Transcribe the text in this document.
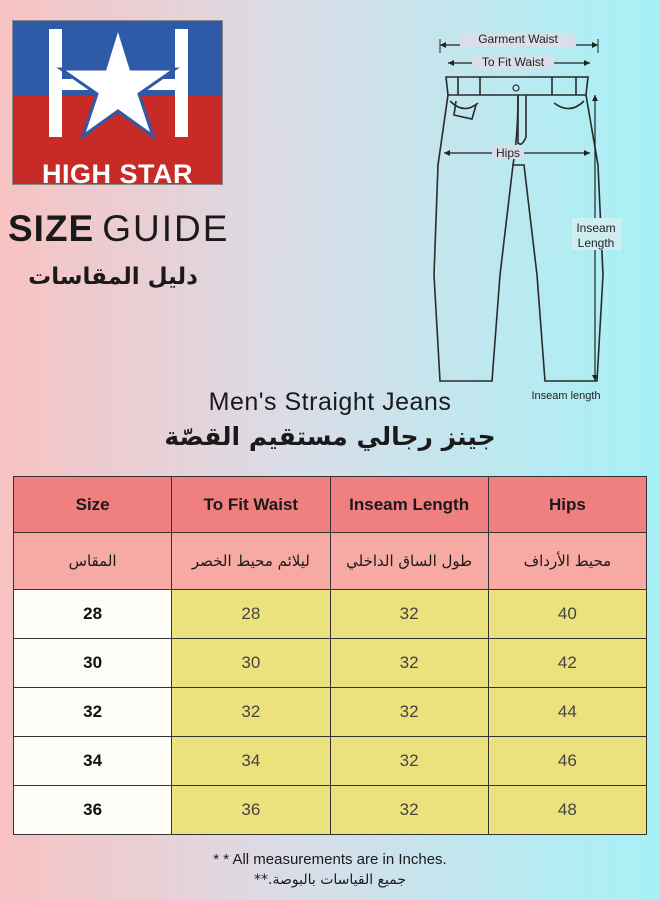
HIGH STAR
SIZE GUIDE
دليل المقاسات
Garment Waist
To Fit Waist
Hips
Inseam
Length
Inseam length
Men's Straight Jeans
جينز رجالي مستقيم القصّة
Size	To Fit Waist	Inseam Length	Hips
المقاس	ليلائم محيط الخصر	طول الساق الداخلي	محيط الأرداف
28	28	32	40
30	30	32	42
32	32	32	44
34	34	32	46
36	36	32	48
* * All measurements are in Inches.
جميع القياسات بالبوصة.**
